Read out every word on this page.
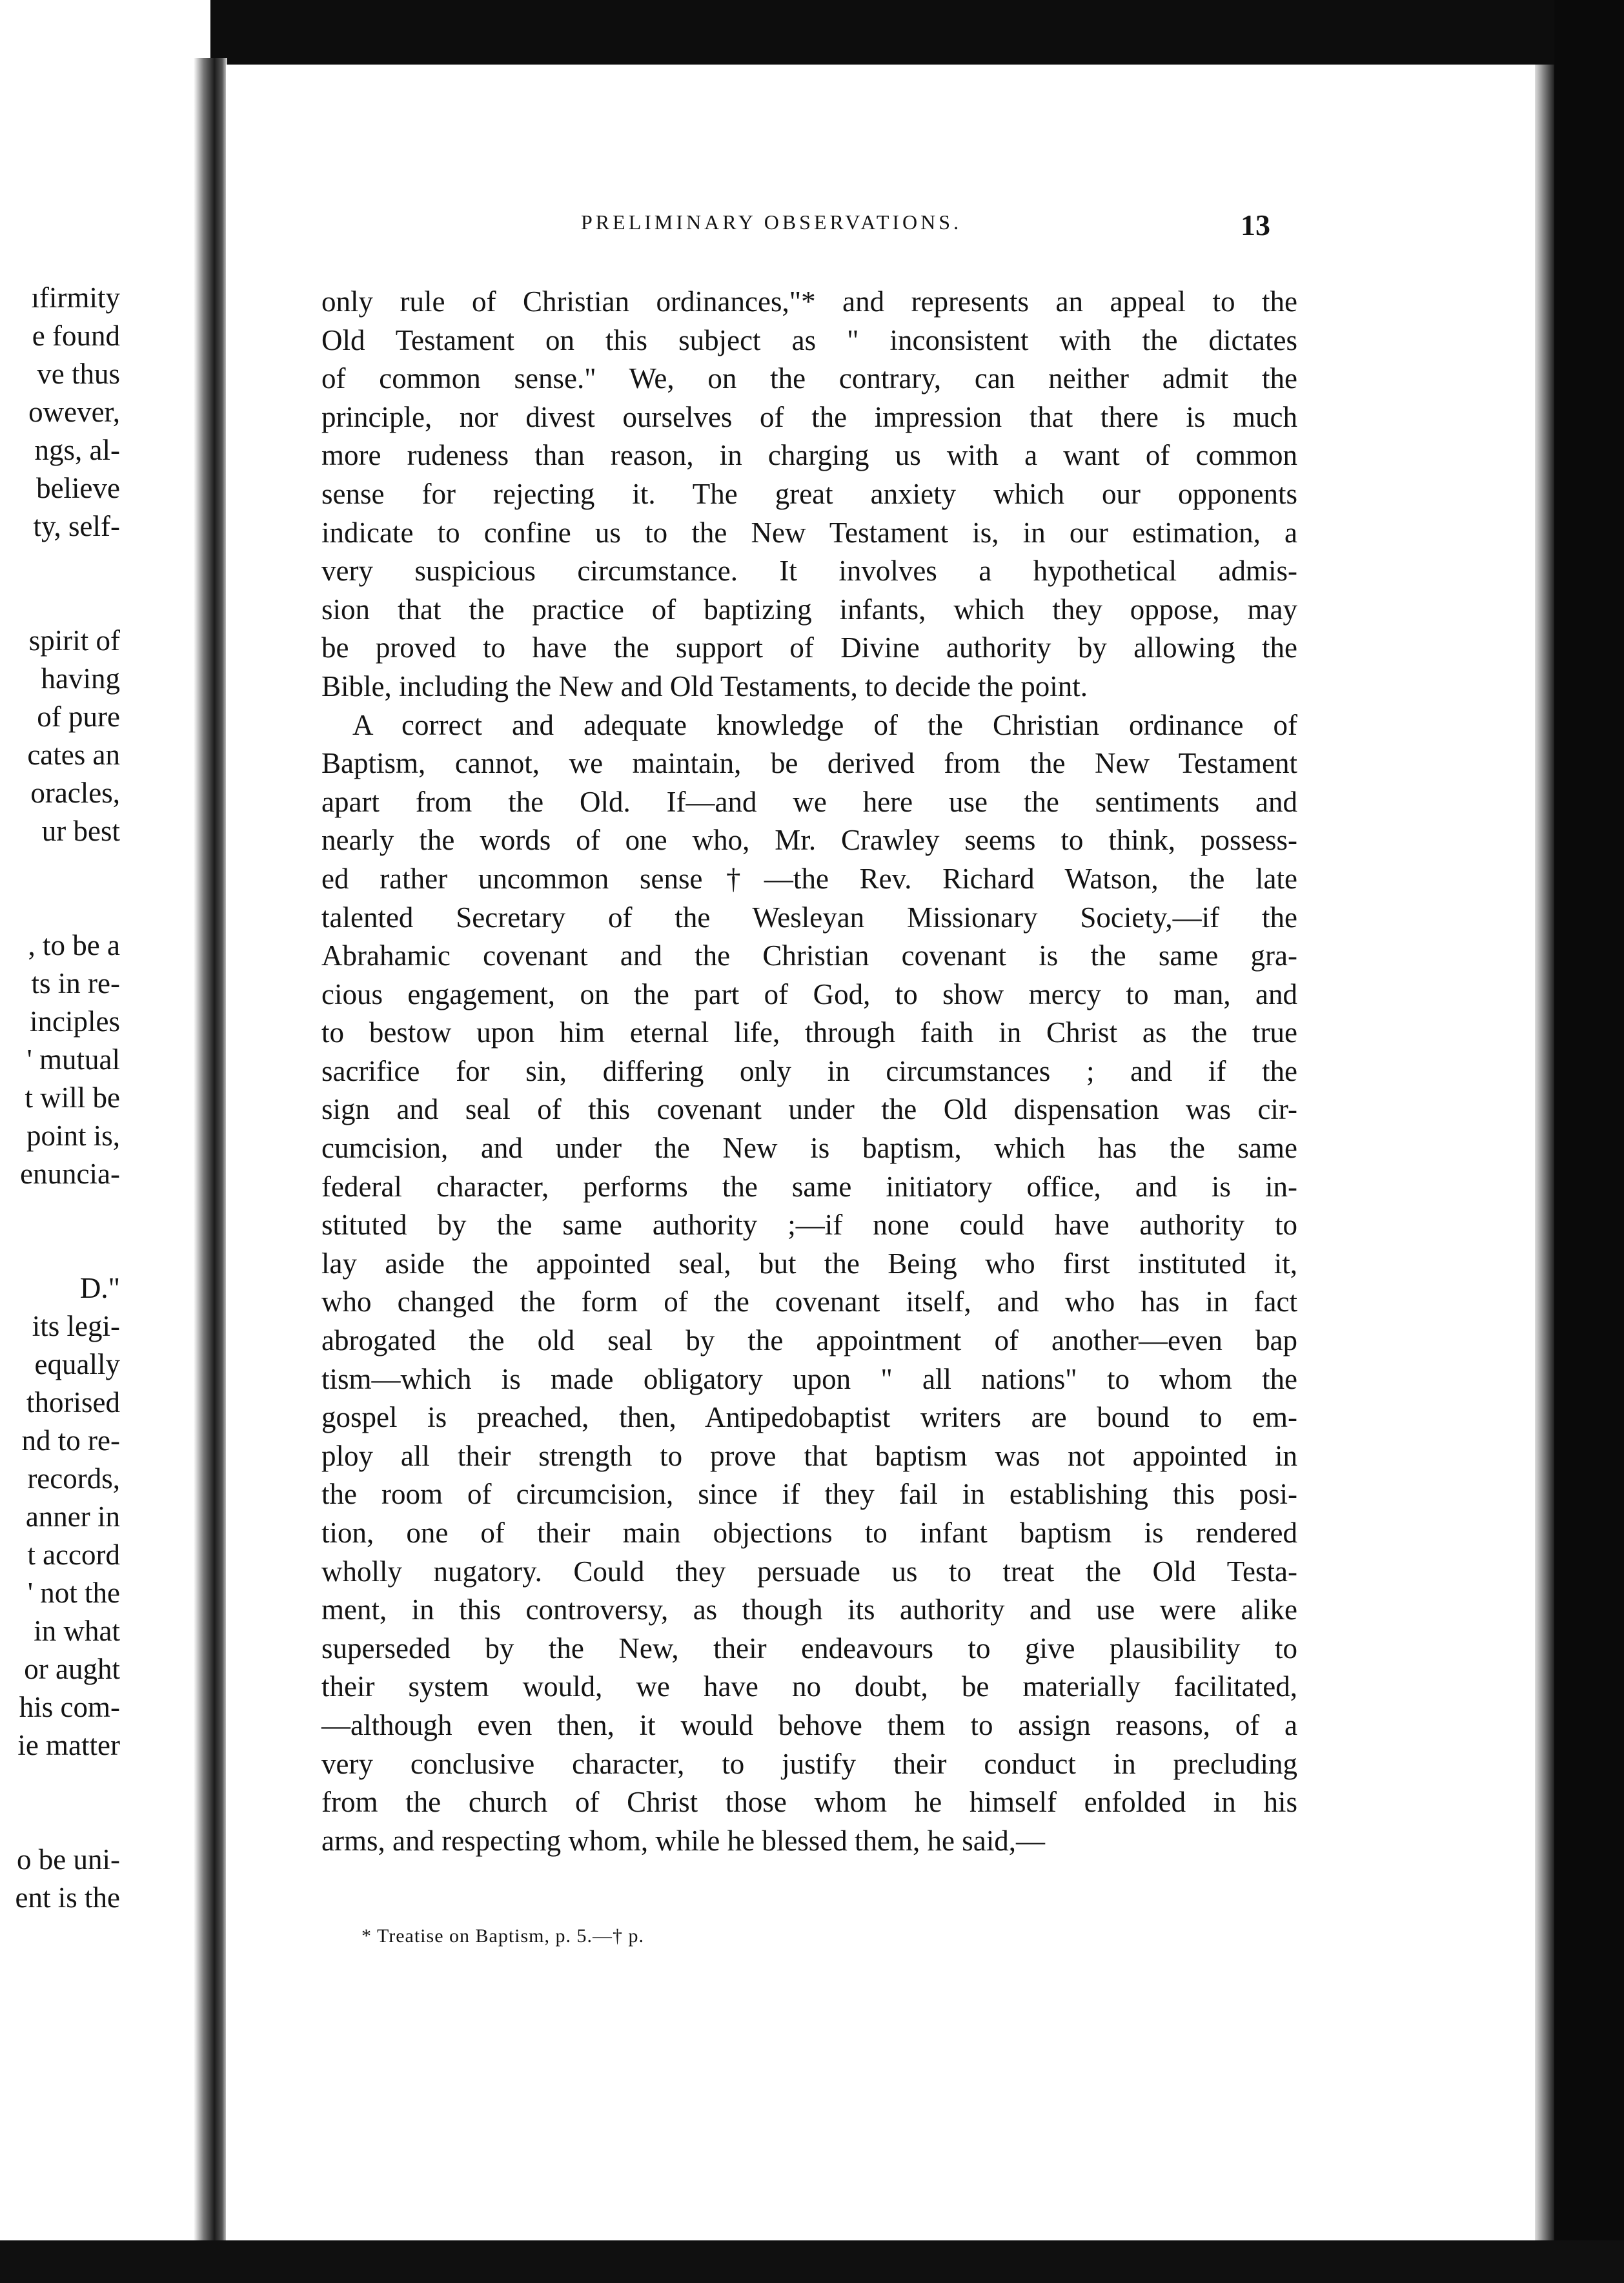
ıfirmity
e found
ve thus
owever,
ngs, al-
believe
ty, self-
spirit of
having
of pure
cates an
oracles,
ur best
, to be a
ts in re-
inciples
' mutual
t will be
point is,
enuncia-
D."
its legi-
equally
thorised
nd to re-
records,
anner in
t accord
' not the
in what
or aught
his com-
ie matter
o be uni-
ent is the
PRELIMINARY OBSERVATIONS.	13
only rule of Christian ordinances,"* and represents an appeal to the
Old Testament on this subject as " inconsistent with the dictates
of common sense." We, on the contrary, can neither admit the
principle, nor divest ourselves of the impression that there is much
more rudeness than reason, in charging us with a want of common
sense for rejecting it. The great anxiety which our opponents
indicate to confine us to the New Testament is, in our estimation, a
very suspicious circumstance. It involves a hypothetical admis-
sion that the practice of baptizing infants, which they oppose, may
be proved to have the support of Divine authority by allowing the
Bible, including the New and Old Testaments, to decide the point.
A correct and adequate knowledge of the Christian ordinance of
Baptism, cannot, we maintain, be derived from the New Testament
apart from the Old. If—and we here use the sentiments and
nearly the words of one who, Mr. Crawley seems to think, possess-
ed rather uncommon sense†—the Rev. Richard Watson, the late
talented Secretary of the Wesleyan Missionary Society,—if the
Abrahamic covenant and the Christian covenant is the same gra-
cious engagement, on the part of God, to show mercy to man, and
to bestow upon him eternal life, through faith in Christ as the true
sacrifice for sin, differing only in circumstances ; and if the
sign and seal of this covenant under the Old dispensation was cir-
cumcision, and under the New is baptism, which has the same
federal character, performs the same initiatory office, and is in-
stituted by the same authority ;—if none could have authority to
lay aside the appointed seal, but the Being who first instituted it,
who changed the form of the covenant itself, and who has in fact
abrogated the old seal by the appointment of another—even bap
tism—which is made obligatory upon " all nations" to whom the
gospel is preached, then, Antipedobaptist writers are bound to em-
ploy all their strength to prove that baptism was not appointed in
the room of circumcision, since if they fail in establishing this posi-
tion, one of their main objections to infant baptism is rendered
wholly nugatory. Could they persuade us to treat the Old Testa-
ment, in this controversy, as though its authority and use were alike
superseded by the New, their endeavours to give plausibility to
their system would, we have no doubt, be materially facilitated,
—although even then, it would behove them to assign reasons, of a
very conclusive character, to justify their conduct in precluding
from the church of Christ those whom he himself enfolded in his
arms, and respecting whom, while he blessed them, he said,—
* Treatise on Baptism, p. 5.—† p.
